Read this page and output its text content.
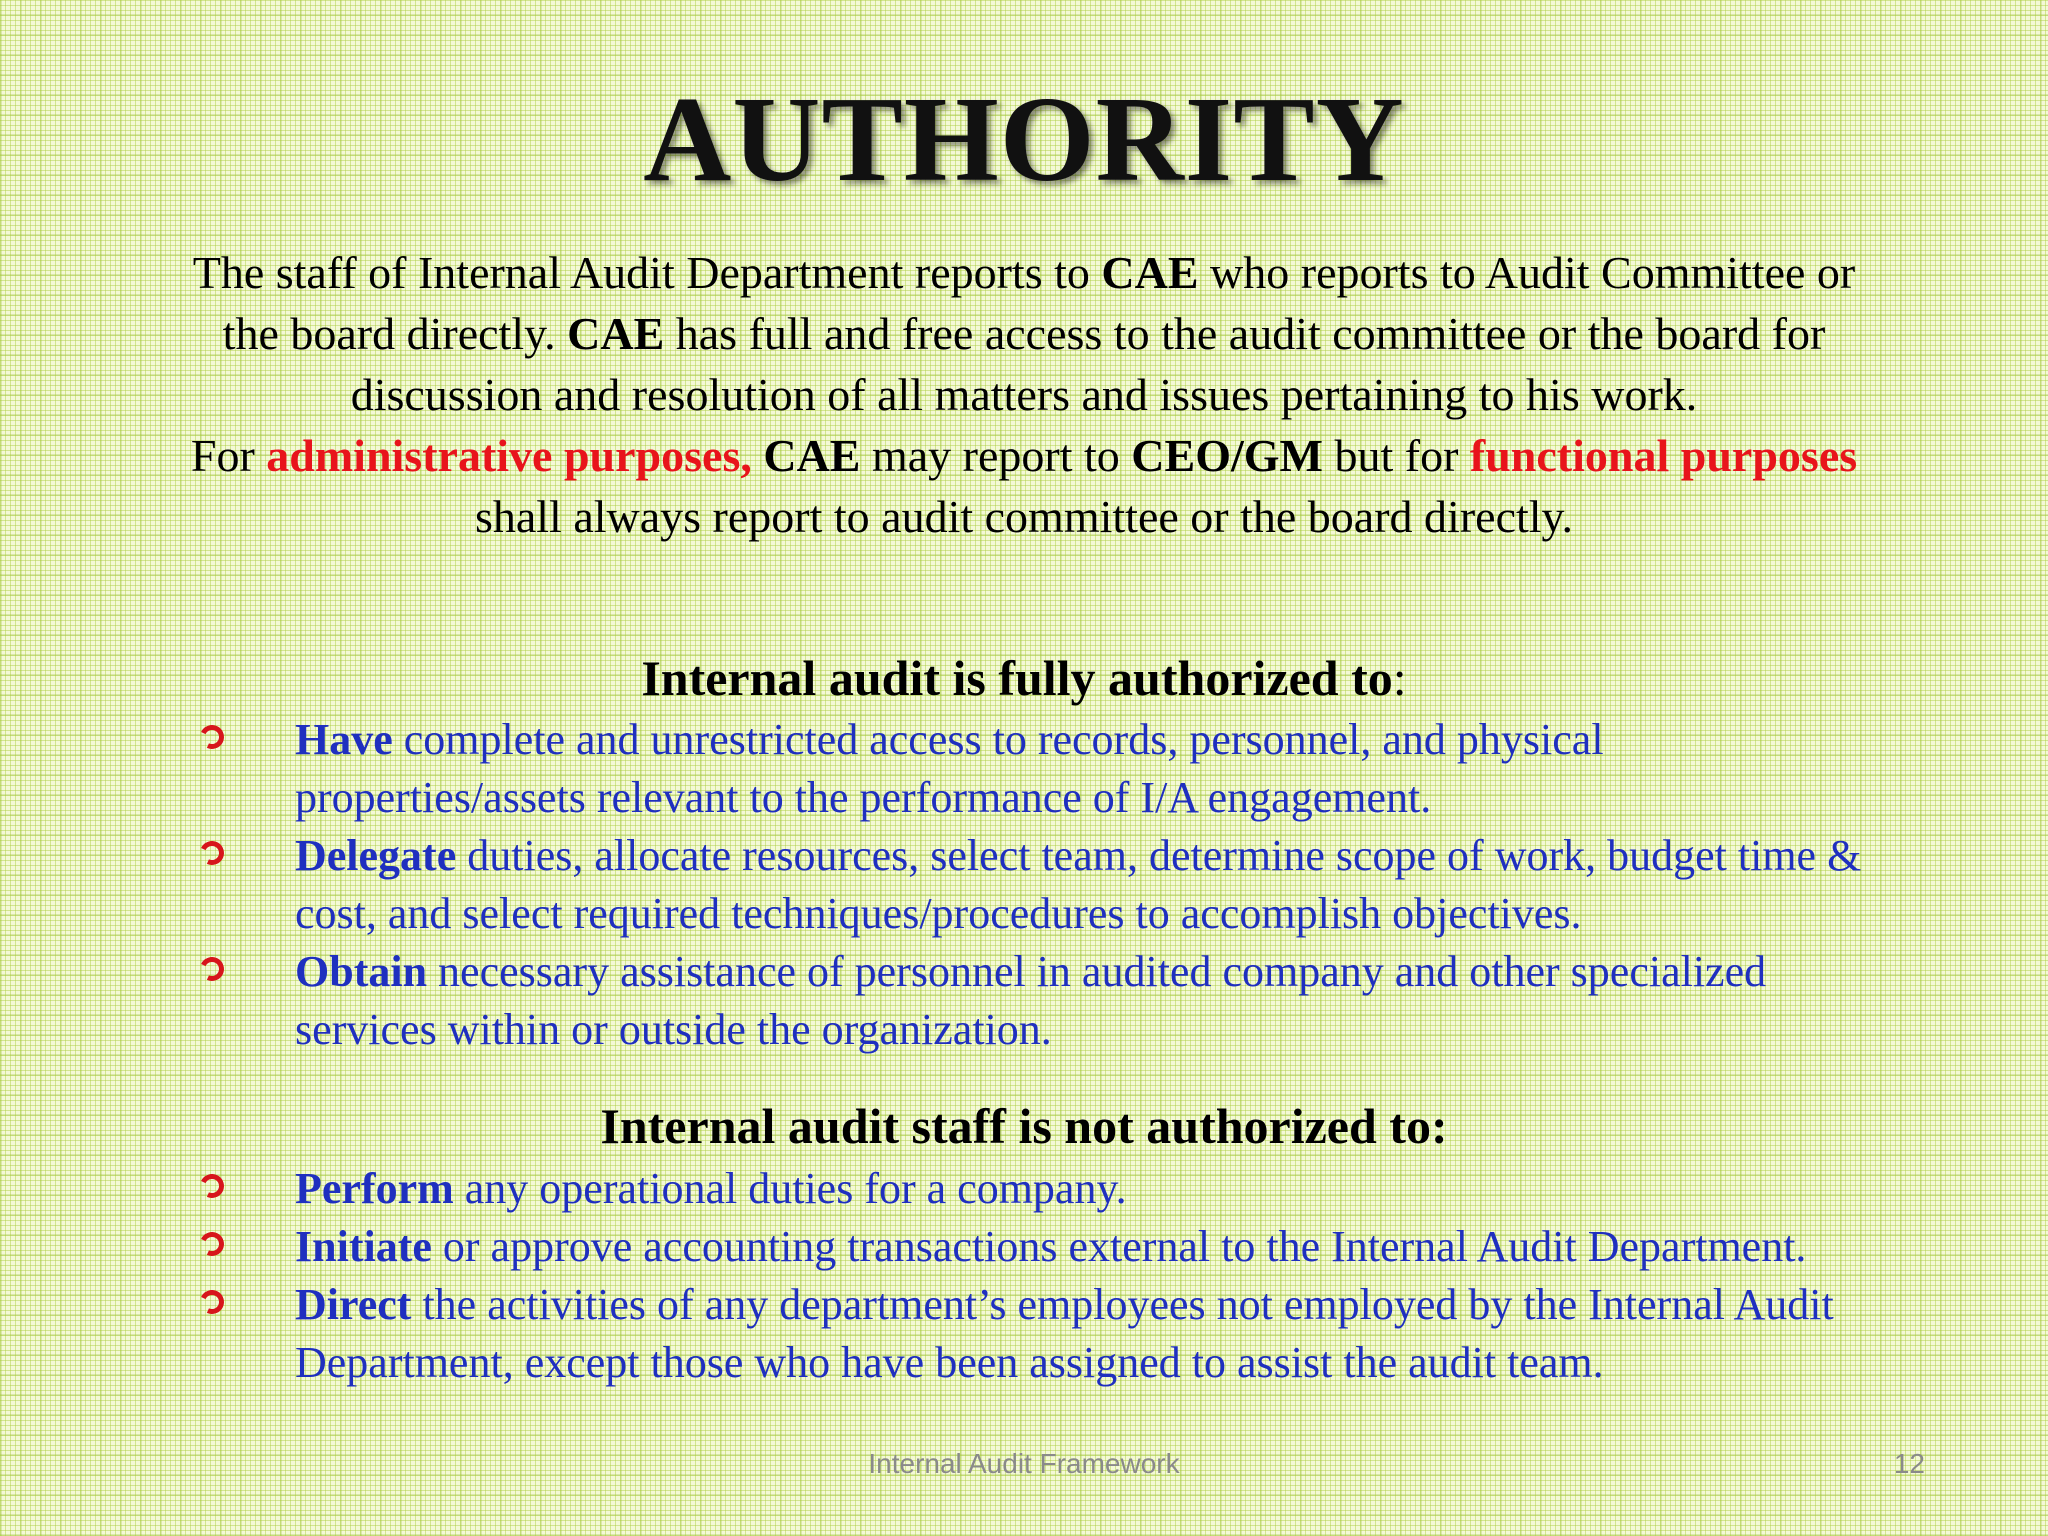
AUTHORITY
The staff of Internal Audit Department reports to CAE who reports to Audit Committee or the board directly. CAE has full and free access to the audit committee or the board for discussion and resolution of all matters and issues pertaining to his work.
For administrative purposes, CAE may report to CEO/GM but for functional purposes shall always report to audit committee or the board directly.
Internal audit is fully authorized to:
Have complete and unrestricted access to records, personnel, and physical properties/assets relevant to the performance of I/A engagement.
Delegate duties, allocate resources, select team, determine scope of work, budget time & cost, and select required techniques/procedures to accomplish objectives.
Obtain necessary assistance of personnel in audited company and other specialized services within or outside the organization.
Internal audit staff is not authorized to:
Perform any operational duties for a company.
Initiate or approve accounting transactions external to the Internal Audit Department.
Direct the activities of any department’s employees not employed by the Internal Audit Department, except those who have been assigned to assist the audit team.
Internal Audit Framework	12
